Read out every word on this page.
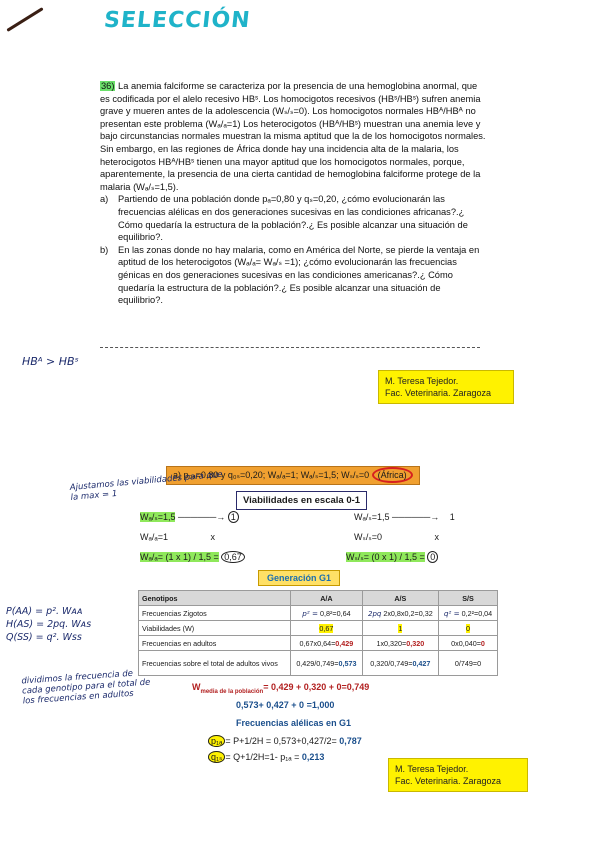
SELECCIÓN

36) La anemia falciforme se caracteriza por la presencia de una hemoglobina anormal, que es codificada por el alelo recesivo HBˢ. Los homocigotos recesivos (HBˢ/HBˢ) sufren anemia grave y mueren antes de la adolescencia (Wₛ/ₛ=0). Los homocigotos normales HBᴬ/HBᴬ no presentan este problema (Wₐ/ₐ=1) Los heterocigotos (HBᴬ/HBˢ) muestran una anemia leve y bajo circunstancias normales muestran la misma aptitud que la de los homocigotos normales. Sin embargo, en las regiones de África donde hay una incidencia alta de la malaria, los heterocigotos HBᴬ/HBˢ tienen una mayor aptitud que los homocigotos normales, porque, aparentemente, la presencia de una cierta cantidad de hemoglobina falciforme protege de la malaria (Wₐ/ₛ=1,5).

a)	Partiendo de una población donde pₐ=0,80 y qₛ=0,20, ¿cómo evolucionarán las frecuencias alélicas en dos generaciones sucesivas en las condiciones africanas?.¿ Cómo quedaría la estructura de la población?.¿ Es posible alcanzar una situación de equilibrio?.
b)	En las zonas donde no hay malaria, como en América del Norte, se pierde la ventaja en aptitud de los heterocigotos (Wₐ/ₐ= Wₐ/ₛ =1); ¿cómo evolucionarán las frecuencias génicas en dos generaciones sucesivas en las condiciones americanas?.¿ Cómo quedaría la estructura de la población?.¿ Es posible alcanzar una situación de equilibrio?.
HBᴬ > HBˢ
M. Teresa Tejedor.
Fac. Veterinaria. Zaragoza
a) p₀ₐ=0,80 y q₀ₛ=0,20; Wₐ/ₐ=1; Wₐ/ₛ=1,5; Wₛ/ₛ=0 (África)
Ajustamos las viabilidades para que la max = 1	Viabilidades en escala 0-1
Wₐ/ₛ=1,5 ──────→ 1
Wₐ/ₐ=1	x
Wₐ/ₐ= (1 x 1) / 1,5 = 0,67
Wₐ/ₛ=1,5 ──────→ 1
Wₛ/ₛ=0	x
Wₛ/ₛ= (0 x 1) / 1,5 = 0
Generación G1
P(AA) = p². Wᴀᴀ
H(AS) = 2pq. Wᴀs
Q(SS) = q². Wss
dividimos la frecuencia de cada genotipo para el total de los frecuencias en adultos
Genotipos	A/A	A/S	S/S
Frecuencias Zigotos	p² = 0,8²=0,64	2pq 2x0,8x0,2=0,32	q² = 0,2²=0,04
Viabilidades (W)	0,67	1	0
Frecuencias en adultos	0,67x0,64=0,429	1x0,320=0,320	0x0,040=0
Frecuencias sobre el total de adultos vivos	0,429/0,749=0,573	0,320/0,749=0,427	0/749=0
$W_{media de la población}= 0,429 + 0,320 + 0=0,749$
0,573+ 0,427 + 0 =1,000
Frecuencias alélicas en G1
p₁ₐ = P+1/2H = 0,573+0,427/2= 0,787
q₁ₛ = Q+1/2H=1- p₁ₐ = 0,213
M. Teresa Tejedor.
Fac. Veterinaria. Zaragoza
